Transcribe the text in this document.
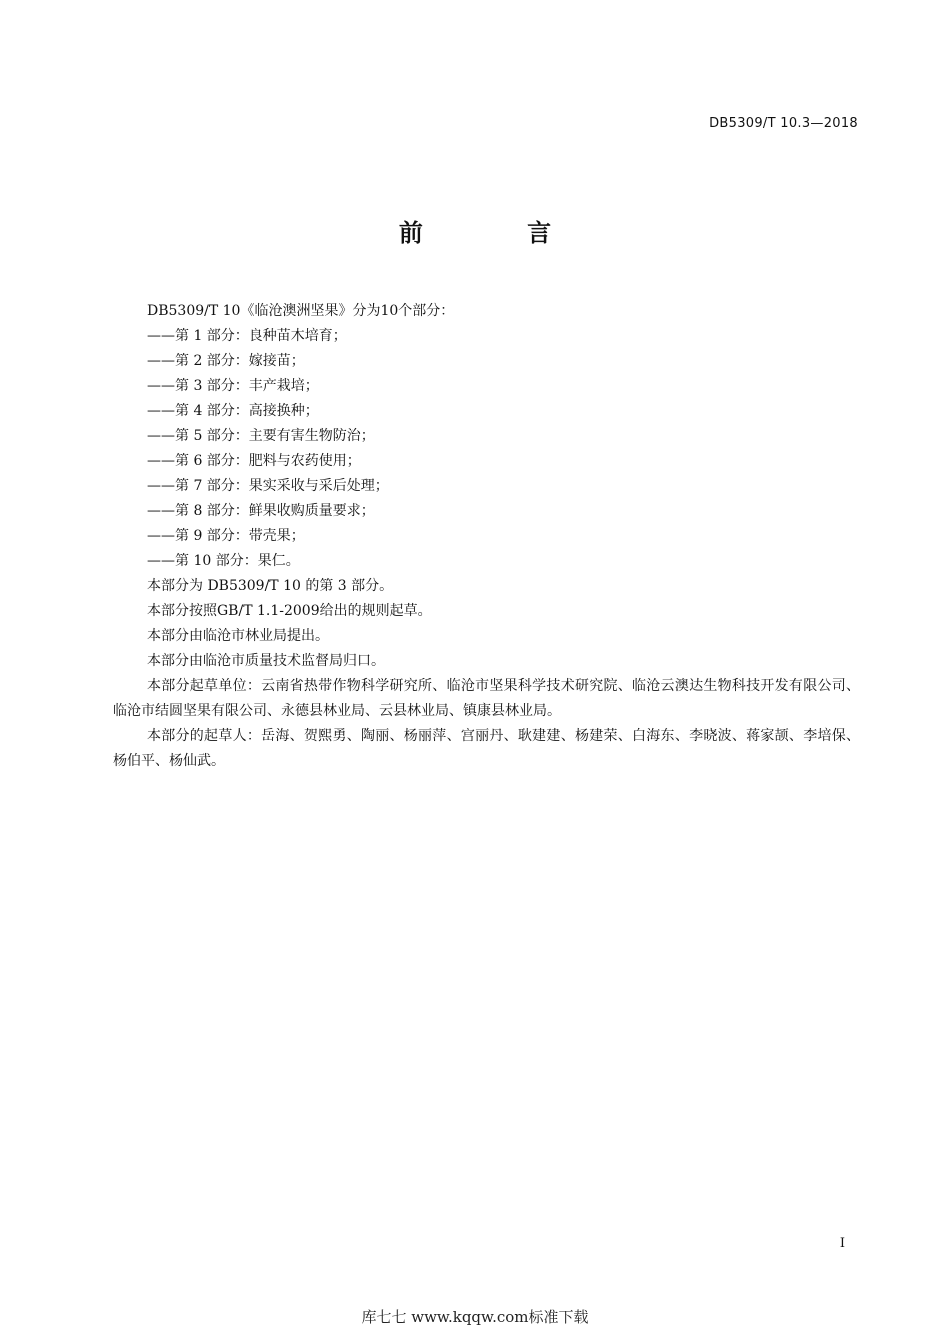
DB5309/T 10.3—2018
前 言

DB5309/T 10《临沧澳洲坚果》分为10个部分：

——第 1 部分：良种苗木培育；

——第 2 部分：嫁接苗；

——第 3 部分：丰产栽培；

——第 4 部分：高接换种；

——第 5 部分：主要有害生物防治；

——第 6 部分：肥料与农药使用；

——第 7 部分：果实采收与采后处理；

——第 8 部分：鲜果收购质量要求；

——第 9 部分：带壳果；

——第 10 部分：果仁。

本部分为 DB5309/T 10 的第 3 部分。

本部分按照GB/T 1.1-2009给出的规则起草。

本部分由临沧市林业局提出。

本部分由临沧市质量技术监督局归口。

本部分起草单位：云南省热带作物科学研究所、临沧市坚果科学技术研究院、临沧云澳达生物科技开发有限公司、临沧市结圆坚果有限公司、永德县林业局、云县林业局、镇康县林业局。

本部分的起草人：岳海、贺熙勇、陶丽、杨丽萍、宫丽丹、耿建建、杨建荣、白海东、李晓波、蒋家颉、李培保、杨伯平、杨仙武。

I
库七七 www.kqqw.com标准下载
